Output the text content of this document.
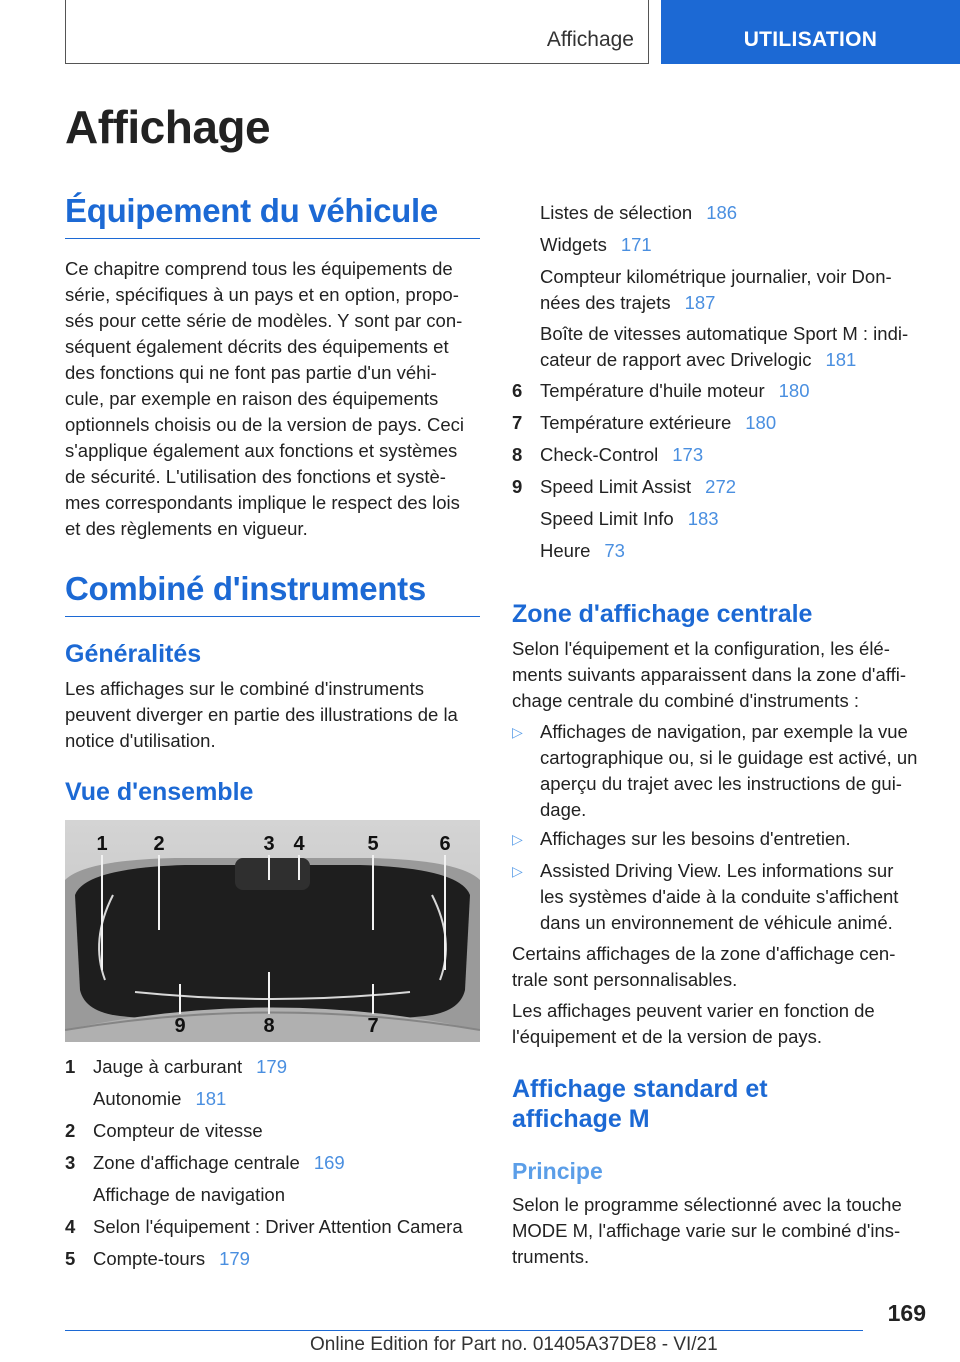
Affichage	UTILISATION
Affichage
Équipement du véhicule
Ce chapitre comprend tous les équipements de
série, spécifiques à un pays et en option, propo-
sés pour cette série de modèles. Y sont par con-
séquent également décrits des équipements et
des fonctions qui ne font pas partie d'un véhi-
cule, par exemple en raison des équipements
optionnels choisis ou de la version de pays. Ceci
s'applique également aux fonctions et systèmes
de sécurité. L'utilisation des fonctions et systè-
mes correspondants implique le respect des lois
et des règlements en vigueur.
Combiné d'instruments
Généralités
Les affichages sur le combiné d'instruments
peuvent diverger en partie des illustrations de la
notice d'utilisation.
Vue d'ensemble
1 2	3 4	5	6
9	8	7
1 Jauge à carburant 179
Autonomie 181
2 Compteur de vitesse
3 Zone d'affichage centrale 169
Affichage de navigation
4 Selon l'équipement : Driver Attention Camera
5 Compte-tours 179
Listes de sélection 186
Widgets 171
Compteur kilométrique journalier, voir Don-
nées des trajets 187
Boîte de vitesses automatique Sport M : indi-
cateur de rapport avec Drivelogic 181
6 Température d'huile moteur 180
7 Température extérieure 180
8 Check-Control 173
9 Speed Limit Assist 272
Speed Limit Info 183
Heure 73
Zone d'affichage centrale
Selon l'équipement et la configuration, les élé-
ments suivants apparaissent dans la zone d'affi-
chage centrale du combiné d'instruments :
▷ Affichages de navigation, par exemple la vue
cartographique ou, si le guidage est activé, un
aperçu du trajet avec les instructions de gui-
dage.
▷ Affichages sur les besoins d'entretien.
▷ Assisted Driving View. Les informations sur
les systèmes d'aide à la conduite s'affichent
dans un environnement de véhicule animé.
Certains affichages de la zone d'affichage cen-
trale sont personnalisables.
Les affichages peuvent varier en fonction de
l'équipement et de la version de pays.
Affichage standard et
affichage M
Principe
Selon le programme sélectionné avec la touche
MODE M, l'affichage varie sur le combiné d'ins-
truments.
169
Online Edition for Part no. 01405A37DE8 - VI/21
